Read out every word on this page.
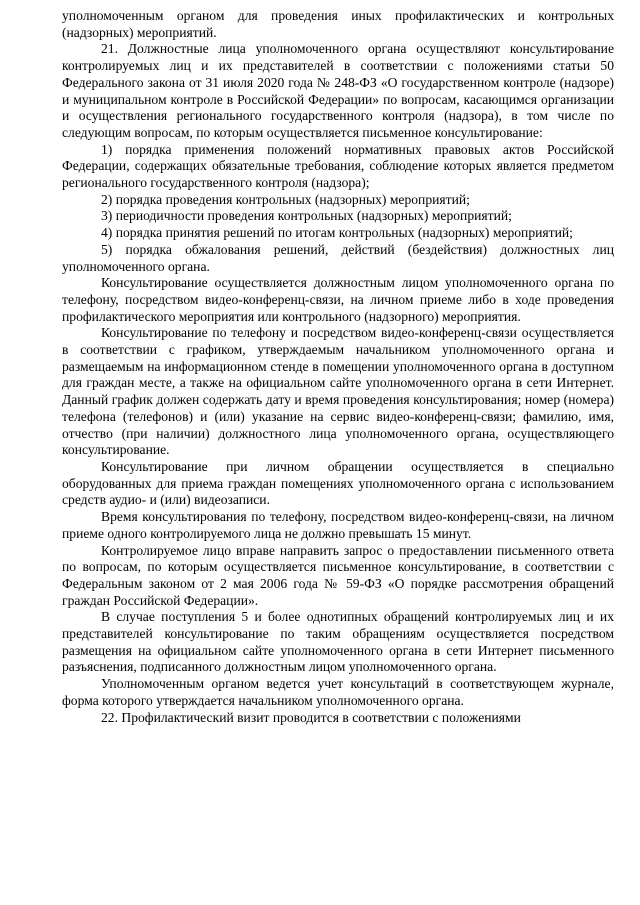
уполномоченным органом для проведения иных профилактических и контрольных (надзорных) мероприятий.

21. Должностные лица уполномоченного органа осуществляют консультирование контролируемых лиц и их представителей в соответствии с положениями статьи 50 Федерального закона от 31 июля 2020 года № 248-ФЗ «О государственном контроле (надзоре) и муниципальном контроле в Российской Федерации» по вопросам, касающимся организации и осуществления регионального государственного контроля (надзора), в том числе по следующим вопросам, по которым осуществляется письменное консультирование:

1) порядка применения положений нормативных правовых актов Российской Федерации, содержащих обязательные требования, соблюдение которых является предметом регионального государственного контроля (надзора);

2) порядка проведения контрольных (надзорных) мероприятий;

3) периодичности проведения контрольных (надзорных) мероприятий;

4) порядка принятия решений по итогам контрольных (надзорных) мероприятий;

5) порядка обжалования решений, действий (бездействия) должностных лиц уполномоченного органа.

Консультирование осуществляется должностным лицом уполномоченного органа по телефону, посредством видео-конференц-связи, на личном приеме либо в ходе проведения профилактического мероприятия или контрольного (надзорного) мероприятия.

Консультирование по телефону и посредством видео-конференц-связи осуществляется в соответствии с графиком, утверждаемым начальником уполномоченного органа и размещаемым на информационном стенде в помещении уполномоченного органа в доступном для граждан месте, а также на официальном сайте уполномоченного органа в сети Интернет. Данный график должен содержать дату и время проведения консультирования; номер (номера) телефона (телефонов) и (или) указание на сервис видео-конференц-связи; фамилию, имя, отчество (при наличии) должностного лица уполномоченного органа, осуществляющего консультирование.

Консультирование при личном обращении осуществляется в специально оборудованных для приема граждан помещениях уполномоченного органа с использованием средств аудио- и (или) видеозаписи.

Время консультирования по телефону, посредством видео-конференц-связи, на личном приеме одного контролируемого лица не должно превышать 15 минут.

Контролируемое лицо вправе направить запрос о предоставлении письменного ответа по вопросам, по которым осуществляется письменное консультирование, в соответствии с Федеральным законом от 2 мая 2006 года № 59-ФЗ «О порядке рассмотрения обращений граждан Российской Федерации».

В случае поступления 5 и более однотипных обращений контролируемых лиц и их представителей консультирование по таким обращениям осуществляется посредством размещения на официальном сайте уполномоченного органа в сети Интернет письменного разъяснения, подписанного должностным лицом уполномоченного органа.

Уполномоченным органом ведется учет консультаций в соответствующем журнале, форма которого утверждается начальником уполномоченного органа.

22. Профилактический визит проводится в соответствии с положениями
